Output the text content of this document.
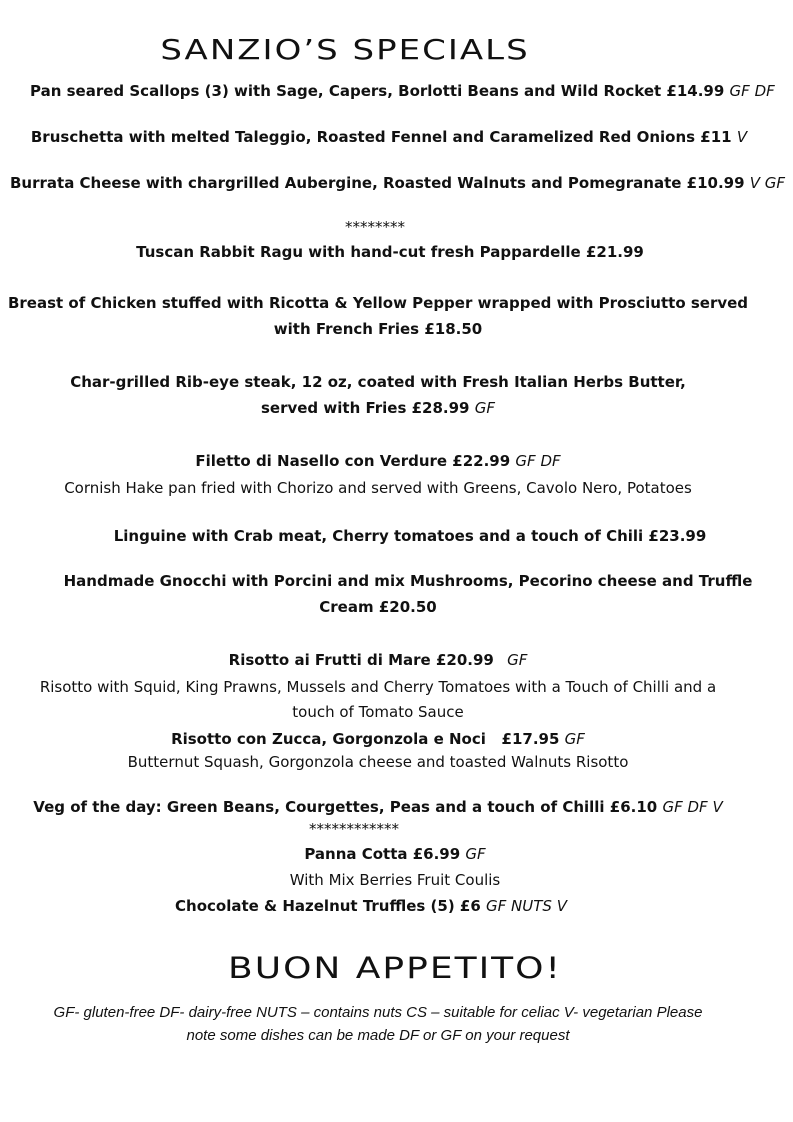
SANZIO’S SPECIALS
Pan seared Scallops (3) with Sage, Capers, Borlotti Beans and Wild Rocket £14.99 GF DF
Bruschetta with melted Taleggio, Roasted Fennel and Caramelized Red Onions £11 V
Burrata Cheese with chargrilled Aubergine, Roasted Walnuts and Pomegranate £10.99 V GF
********
Tuscan Rabbit Ragu with hand-cut fresh Pappardelle £21.99
Breast of Chicken stuffed with Ricotta & Yellow Pepper wrapped with Prosciutto served
with French Fries £18.50
Char-grilled Rib-eye steak, 12 oz, coated with Fresh Italian Herbs Butter,
served with Fries £28.99 GF
Filetto di Nasello con Verdure £22.99 GF DF
Cornish Hake pan fried with Chorizo and served with Greens, Cavolo Nero, Potatoes
Linguine with Crab meat, Cherry tomatoes and a touch of Chili £23.99
Handmade Gnocchi with Porcini and mix Mushrooms, Pecorino cheese and Truffle
Cream £20.50
Risotto ai Frutti di Mare £20.99 GF
Risotto with Squid, King Prawns, Mussels and Cherry Tomatoes with a Touch of Chilli and a
touch of Tomato Sauce
Risotto con Zucca, Gorgonzola e Noci   £17.95 GF
Butternut Squash, Gorgonzola cheese and toasted Walnuts Risotto
Veg of the day: Green Beans, Courgettes, Peas and a touch of Chilli £6.10 GF DF V
************
Panna Cotta £6.99 GF
With Mix Berries Fruit Coulis
Chocolate & Hazelnut Truffles (5) £6 GF NUTS V
BUON APPETITO!
GF- gluten-free DF- dairy-free NUTS – contains nuts CS – suitable for celiac V- vegetarian Please
note some dishes can be made DF or GF on your request
